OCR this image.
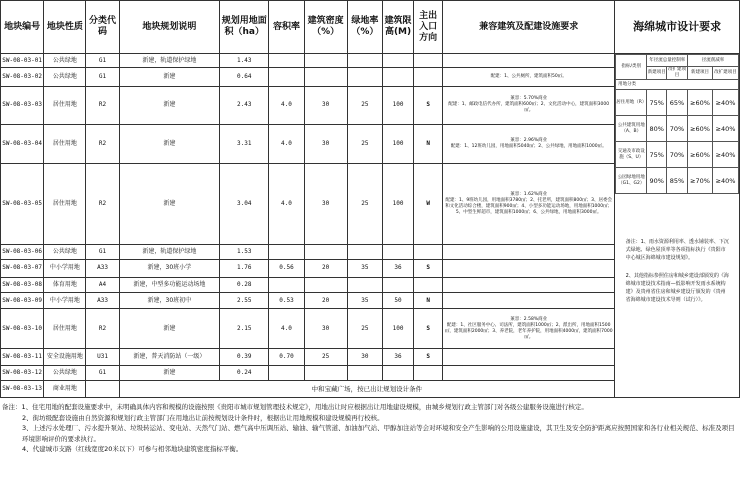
地块编号	地块性质	分类代码	地块规划说明	规划用地面积（ha）	容积率	建筑密度（%）	绿地率（%）	建筑限高(M)	主出入口方向	兼容建筑及配建设施要求	海绵城市设计要求
SW-08-03-01	公共绿地	G1	新建，轨道保护绿地	1.43							
指标/类别	年径流总量控制率	径流削减率
新建项目	改扩建项目	新建项目	改扩建项目
用地分类
居住用地（R）	75%	65%	≥60%	≥40%
公共建筑用地（A、B）	80%	70%	≥60%	≥40%
交通及市政设施（S、U）	75%	70%	≥60%	≥40%
公园绿地用地（G1、G2）	90%	85%	≥70%	≥40%

备注：1、雨水资源利用率、透水铺装率、下沉式绿地、绿色屋顶率等各项指标执行《贵阳市中心城区海绵城市建设规划》。
2、其他指标参照住房和城乡建设部颁发的《海绵城市建设技术指南—低影响开发雨水系统构建》及贵州省住房和城乡建设厅颁发的《贵州省海绵城市建设技术导则（试行）》。

SW-08-03-02	公共绿地	G1	新建	0.64						配建：1、公共厕所，建筑面积50㎡。
SW-08-03-03	居住用地	R2	新建	2.43	4.0	30	25	100	S	兼容：5.70%商业
配建：1、邮政电信代办所，建筑面积600㎡；2、文化活动中心，建筑面积3000㎡。
SW-08-03-04	居住用地	R2	新建	3.31	4.0	30	25	100	N	兼容：2.96%商业
配建：1、12班幼儿园，用地面积5040㎡；2、公共绿地，用地面积1000㎡。
SW-08-03-05	居住用地	R2	新建	3.04	4.0	30	25	100	W	兼容：1.62%商业
配建：1、9班幼儿园，用地面积3780㎡；2、托老所，建筑面积800㎡；3、居委会和文化活动综合楼，建筑面积900㎡；4、小型多功能运动场地，用地面积1000㎡；5、中型生鲜超市，建筑面积1000㎡；6、公共绿地，用地面积3000㎡。
SW-08-03-06	公共绿地	G1	新建，轨道保护绿地	1.53						
SW-08-03-07	中小学用地	A33	新建，30班小学	1.76	0.56	20	35	36	S	
SW-08-03-08	体育用地	A4	新建，中型多功能运动场地	0.28						
SW-08-03-09	中小学用地	A33	新建，30班初中	2.55	0.53	20	35	50	N	
SW-08-03-10	居住用地	R2	新建	2.15	4.0	30	25	100	S	兼容：2.58%商业
配建：1、社区服务中心、司法所，建筑面积1000㎡；2、派出所，用地面积1500㎡，建筑面积2000㎡；3、养老院，老年养护院，用地面积4000㎡，建筑面积7000㎡。
SW-08-03-11	安全设施用地	U31	新建，普天消防站（一级）	0.39	0.70	25	30	36	S	
SW-08-03-12	公共绿地	G1	新建	0.24						
SW-08-03-13	商业用地		中和宝藏广场，按已出让规划设计条件
备注：1、住宅用地的配套设施要求中，未明确具体内容和规模的设施按照《贵阳市城市规划管理技术规定》，用地出让时应根据出让用地建设规模，由城乡规划行政主管部门对各级公建服务设施进行核定。
2、街坊级配套设施由自然资源和规划行政主管部门在用地出让前按规划设计条件时，根据出让用地规模和建设规模再行校核。
3、上述污水处理厂、污水提升泵站、垃圾转运站、变电站、天然气门站、燃气高中压调压站、输油、输气管道、加油加气站、甲醇加注站等会对环境和安全产生影响的公用设施建设，其卫生及安全防护距离应按照国家和各行业相关规范、标准及项目环境影响评价的要求执行。
4、代建城市支路（红线宽度20米以下）可参与相邻地块建筑密度指标平衡。
